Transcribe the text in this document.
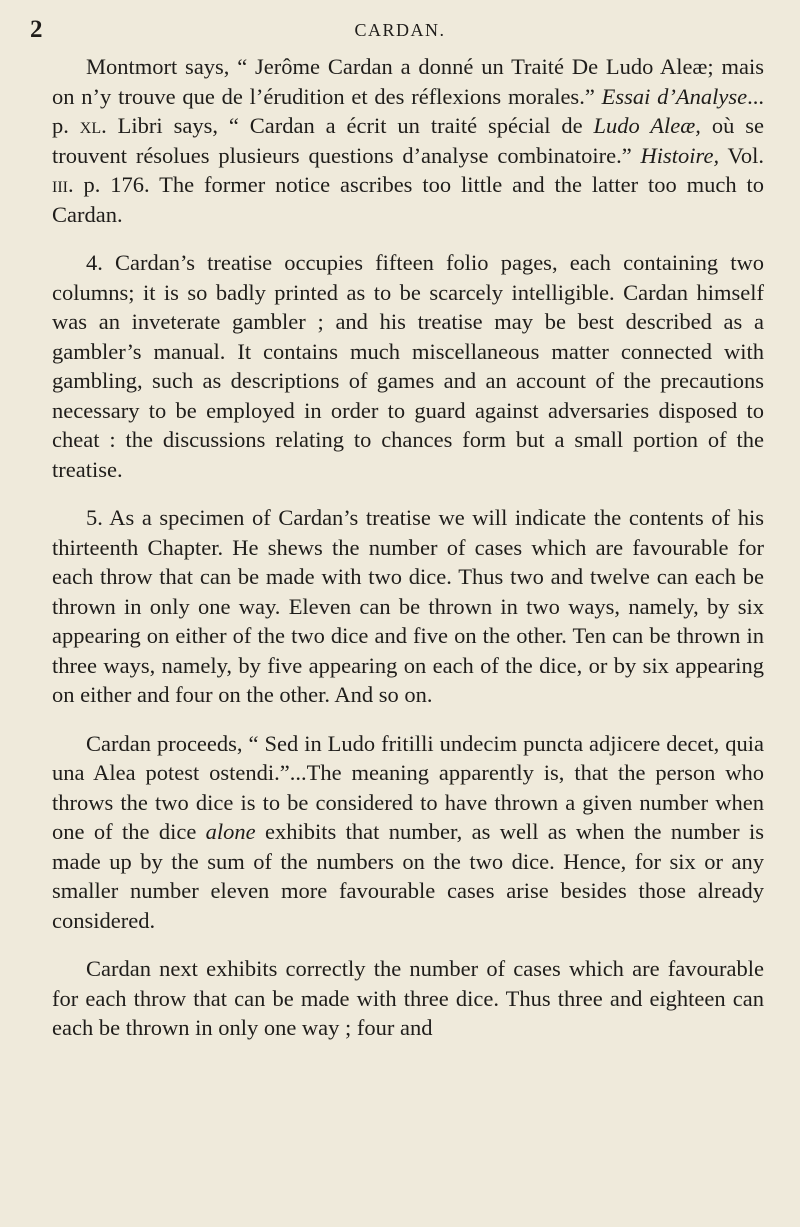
2	CARDAN.

Montmort says, “ Jerôme Cardan a donné un Traité De Ludo Aleæ; mais on n’y trouve que de l’érudition et des réflexions morales.” Essai d’Analyse... p. xl. Libri says, “ Cardan a écrit un traité spécial de Ludo Aleæ, où se trouvent résolues plusieurs questions d’analyse combinatoire.” Histoire, Vol. iii. p. 176. The former notice ascribes too little and the latter too much to Cardan.

4. Cardan’s treatise occupies fifteen folio pages, each containing two columns; it is so badly printed as to be scarcely intelligible. Cardan himself was an inveterate gambler ; and his treatise may be best described as a gambler’s manual. It contains much miscellaneous matter connected with gambling, such as descriptions of games and an account of the precautions necessary to be employed in order to guard against adversaries disposed to cheat : the discussions relating to chances form but a small portion of the treatise.

5. As a specimen of Cardan’s treatise we will indicate the contents of his thirteenth Chapter. He shews the number of cases which are favourable for each throw that can be made with two dice. Thus two and twelve can each be thrown in only one way. Eleven can be thrown in two ways, namely, by six appearing on either of the two dice and five on the other. Ten can be thrown in three ways, namely, by five appearing on each of the dice, or by six appearing on either and four on the other. And so on.

Cardan proceeds, “ Sed in Ludo fritilli undecim puncta adjicere decet, quia una Alea potest ostendi.”...The meaning apparently is, that the person who throws the two dice is to be considered to have thrown a given number when one of the dice alone exhibits that number, as well as when the number is made up by the sum of the numbers on the two dice. Hence, for six or any smaller number eleven more favourable cases arise besides those already considered.

Cardan next exhibits correctly the number of cases which are favourable for each throw that can be made with three dice. Thus three and eighteen can each be thrown in only one way ; four and
